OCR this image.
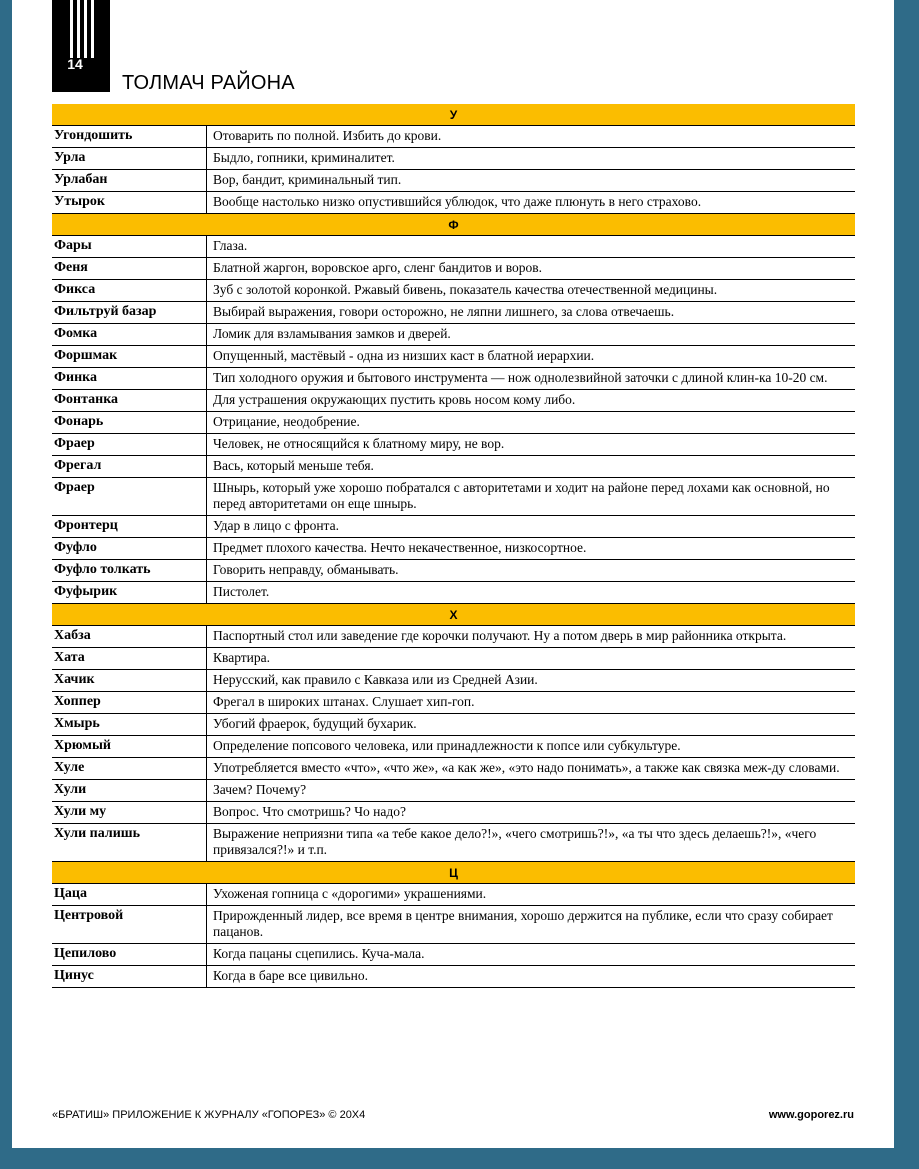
14
ТОЛМАЧ РАЙОНА
У	
Угондошить	Отоварить по полной. Избить до крови.
Урла	Быдло, гопники, криминалитет.
Урлабан	Вор, бандит, криминальный тип.
Утырок	Вообще настолько низко опустившийся ублюдок, что даже плюнуть в него страхово.
Ф	
Фары	Глаза.
Феня	Блатной жаргон, воровское арго, сленг бандитов и воров.
Фикса	Зуб с золотой коронкой. Ржавый бивень, показатель качества отечественной медицины.
Фильтруй базар	Выбирай выражения, говори осторожно, не ляпни лишнего, за слова отвечаешь.
Фомка	Ломик для взламывания замков и дверей.
Форшмак	Опущенный, мастёвый - одна из низших каст в блатной иерархии.
Финка	Тип холодного оружия и бытового инструмента — нож однолезвийной заточки с длиной клин-ка 10-20 см.
Фонтанка	Для устрашения окружающих пустить кровь носом кому либо.
Фонарь	Отрицание, неодобрение.
Фраер	Человек, не относящийся к блатному миру, не вор.
Фрегал	Вась, который меньше тебя.
Фраер	Шнырь, который уже хорошо побратался с авторитетами и ходит на районе перед лохами как основной, но перед авторитетами он еще шнырь.
Фронтерц	Удар в лицо с фронта.
Фуфло	Предмет плохого качества. Нечто некачественное, низкосортное.
Фуфло толкать	Говорить неправду, обманывать.
Фуфырик	Пистолет.
Х	
Хабза	Паспортный стол или заведение где корочки получают. Ну а потом дверь в мир районника открыта.
Хата	Квартира.
Хачик	Нерусский, как правило с Кавказа или из Средней Азии.
Хоппер	Фрегал в широких штанах. Слушает хип-гоп.
Хмырь	Убогий фраерок, будущий бухарик.
Хрюмый	Определение попсового человека, или принадлежности к попсе или субкультуре.
Хуле	Употребляется вместо «что», «что же», «а как же», «это надо понимать», а также как связка меж-ду словами.
Хули	Зачем? Почему?
Хули му	Вопрос. Что смотришь? Чо надо?
Хули палишь	Выражение неприязни типа «а тебе какое дело?!», «чего смотришь?!», «а ты что здесь делаешь?!», «чего привязался?!» и т.п.
Ц	
Цаца	Ухоженая гопница с «дорогими» украшениями.
Центровой	Прирожденный лидер, все время в центре внимания, хорошо держится на публике, если что сразу собирает пацанов.
Цепилово	Когда пацаны сцепились. Куча-мала.
Цинус	Когда в баре все цивильно.
«БРАТИШ» ПРИЛОЖЕНИЕ К ЖУРНАЛУ «ГОПОРЕЗ» © 20Х4	www.goporez.ru
